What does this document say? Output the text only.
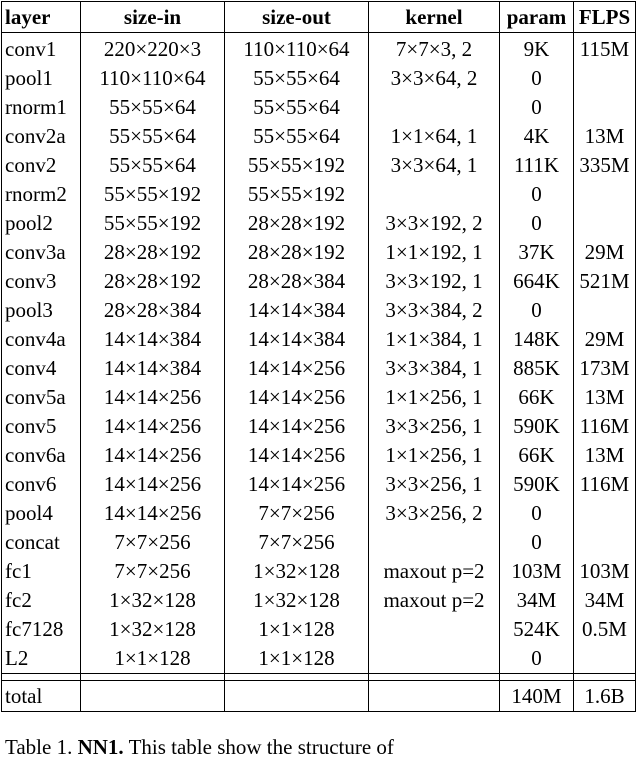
layer	size-in	size-out	kernel	param	FLPS
conv1	220×220×3	110×110×64	7×7×3, 2	9K	115M
pool1	110×110×64	55×55×64	3×3×64, 2	0	
rnorm1	55×55×64	55×55×64		0	
conv2a	55×55×64	55×55×64	1×1×64, 1	4K	13M
conv2	55×55×64	55×55×192	3×3×64, 1	111K	335M
rnorm2	55×55×192	55×55×192		0	
pool2	55×55×192	28×28×192	3×3×192, 2	0	
conv3a	28×28×192	28×28×192	1×1×192, 1	37K	29M
conv3	28×28×192	28×28×384	3×3×192, 1	664K	521M
pool3	28×28×384	14×14×384	3×3×384, 2	0	
conv4a	14×14×384	14×14×384	1×1×384, 1	148K	29M
conv4	14×14×384	14×14×256	3×3×384, 1	885K	173M
conv5a	14×14×256	14×14×256	1×1×256, 1	66K	13M
conv5	14×14×256	14×14×256	3×3×256, 1	590K	116M
conv6a	14×14×256	14×14×256	1×1×256, 1	66K	13M
conv6	14×14×256	14×14×256	3×3×256, 1	590K	116M
pool4	14×14×256	7×7×256	3×3×256, 2	0	
concat	7×7×256	7×7×256		0	
fc1	7×7×256	1×32×128	maxout p=2	103M	103M
fc2	1×32×128	1×32×128	maxout p=2	34M	34M
fc7128	1×32×128	1×1×128		524K	0.5M
L2	1×1×128	1×1×128		0	

total				140M	1.6B
Table 1. NN1. This table show the structure of
